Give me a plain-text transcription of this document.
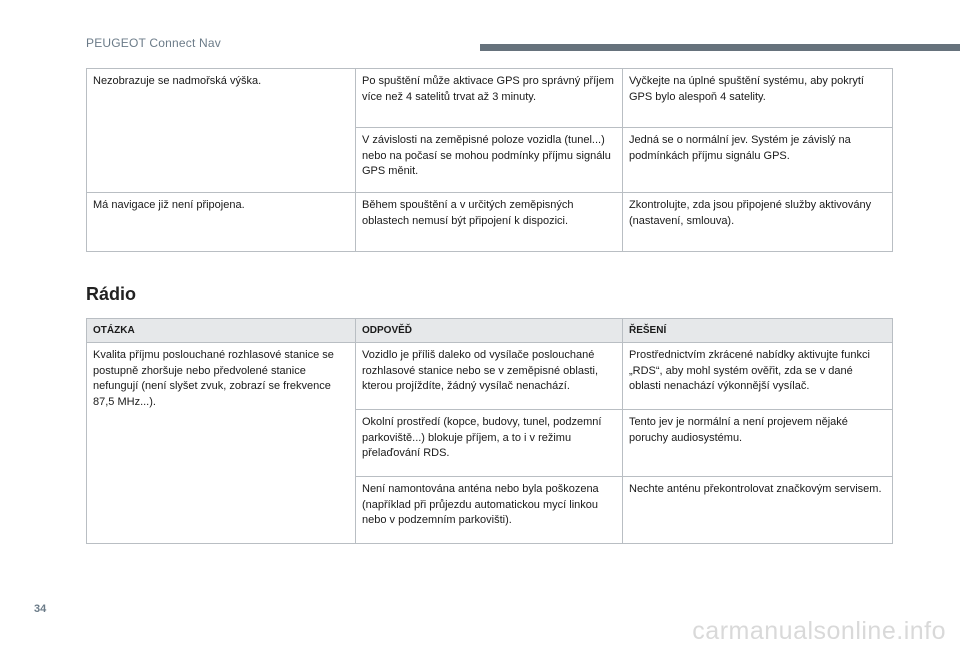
PEUGEOT Connect Nav
Nezobrazuje se nadmořská výška.	Po spuštění může aktivace GPS pro správný příjem více než 4 satelitů trvat až 3 minuty.	Vyčkejte na úplné spuštění systému, aby pokrytí GPS bylo alespoň 4 satelity.
	V závislosti na zeměpisné poloze vozidla (tunel...) nebo na počasí se mohou podmínky příjmu signálu GPS měnit.	Jedná se o normální jev. Systém je závislý na podmínkách příjmu signálu GPS.
Má navigace již není připojena.	Během spouštění a v určitých zeměpisných oblastech nemusí být připojení k dispozici.	Zkontrolujte, zda jsou připojené služby aktivovány (nastavení, smlouva).
Rádio
OTÁZKA	ODPOVĚĎ	ŘEŠENÍ
Kvalita příjmu poslouchané rozhlasové stanice se postupně zhoršuje nebo předvolené stanice nefungují (není slyšet zvuk, zobrazí se frekvence 87,5 MHz...).	Vozidlo je příliš daleko od vysílače poslouchané rozhlasové stanice nebo se v zeměpisné oblasti, kterou projíždíte, žádný vysílač nenachází.	Prostřednictvím zkrácené nabídky aktivujte funkci „RDS“, aby mohl systém ověřit, zda se v dané oblasti nenachází výkonnější vysílač.
	Okolní prostředí (kopce, budovy, tunel, podzemní parkoviště...) blokuje příjem, a to i v režimu přelaďování RDS.	Tento jev je normální a není projevem nějaké poruchy audiosystému.
	Není namontována anténa nebo byla poškozena (například při průjezdu automatickou mycí linkou nebo v podzemním parkovišti).	Nechte anténu překontrolovat značkovým servisem.
34
carmanualsonline.info
